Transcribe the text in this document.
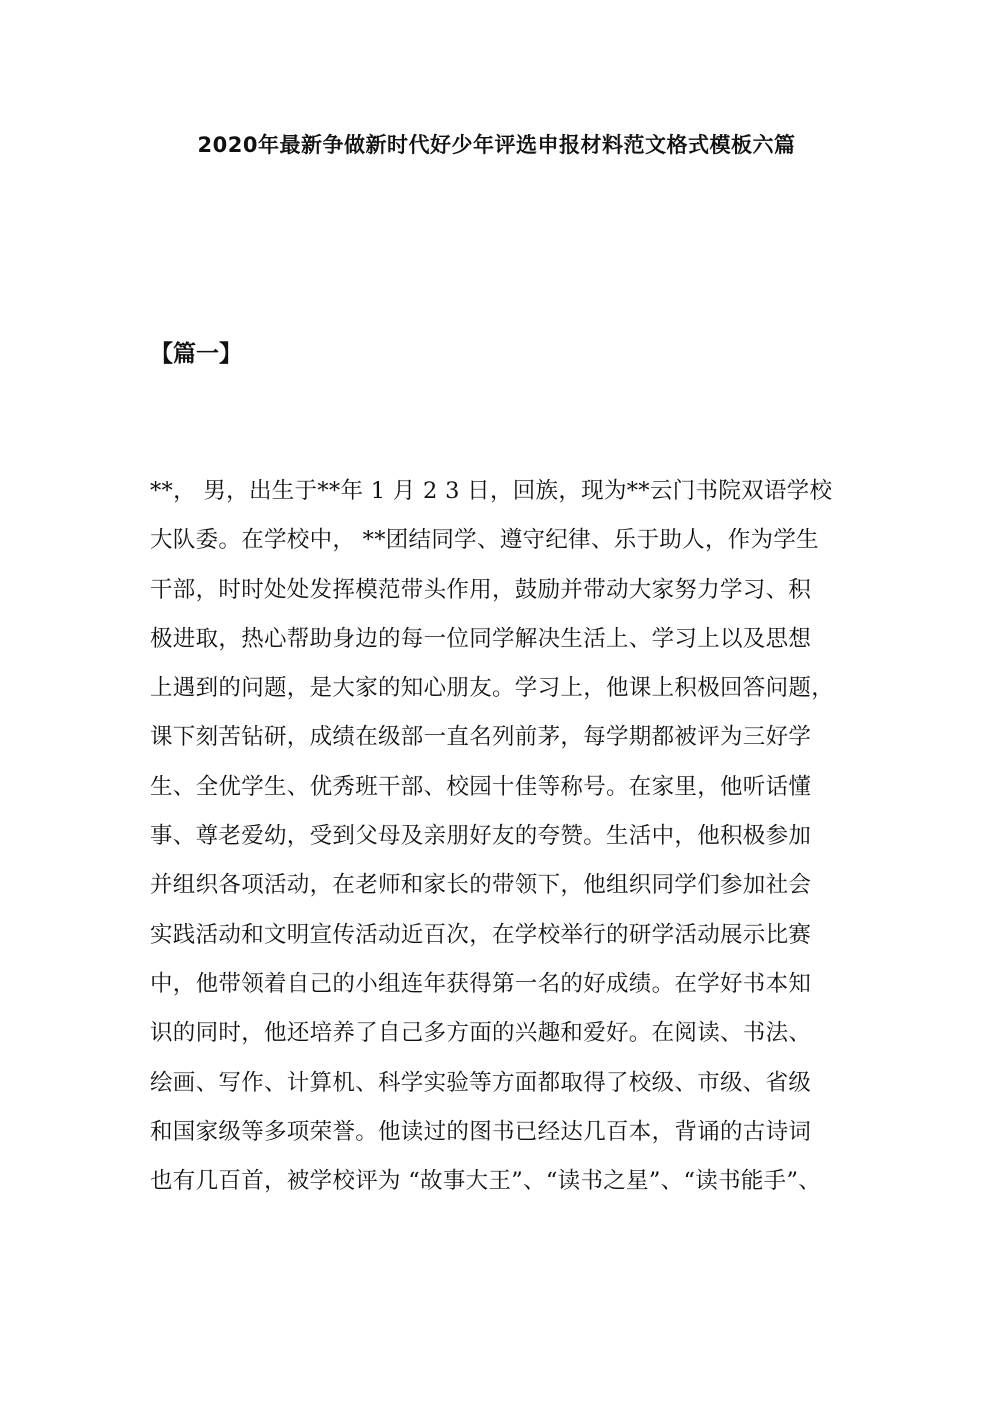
2020年最新争做新时代好少年评选申报材料范文格式模板六篇
【篇一】
**， 男，出生于**年 1 月 2 3 日，回族，现为**云门书院双语学校
大队委。在学校中， **团结同学、遵守纪律、乐于助人，作为学生
干部，时时处处发挥模范带头作用，鼓励并带动大家努力学习、积
极进取，热心帮助身边的每一位同学解决生活上、学习上以及思想
上遇到的问题，是大家的知心朋友。学习上，他课上积极回答问题，
课下刻苦钻研，成绩在级部一直名列前茅，每学期都被评为三好学
生、全优学生、优秀班干部、校园十佳等称号。在家里，他听话懂
事、尊老爱幼，受到父母及亲朋好友的夸赞。生活中，他积极参加
并组织各项活动，在老师和家长的带领下，他组织同学们参加社会
实践活动和文明宣传活动近百次，在学校举行的研学活动展示比赛
中，他带领着自己的小组连年获得第一名的好成绩。在学好书本知
识的同时，他还培养了自己多方面的兴趣和爱好。在阅读、书法、
绘画、写作、计算机、科学实验等方面都取得了校级、市级、省级
和国家级等多项荣誉。他读过的图书已经达几百本，背诵的古诗词
也有几百首，被学校评为 “故事大王”、“读书之星”、“读书能手”、
